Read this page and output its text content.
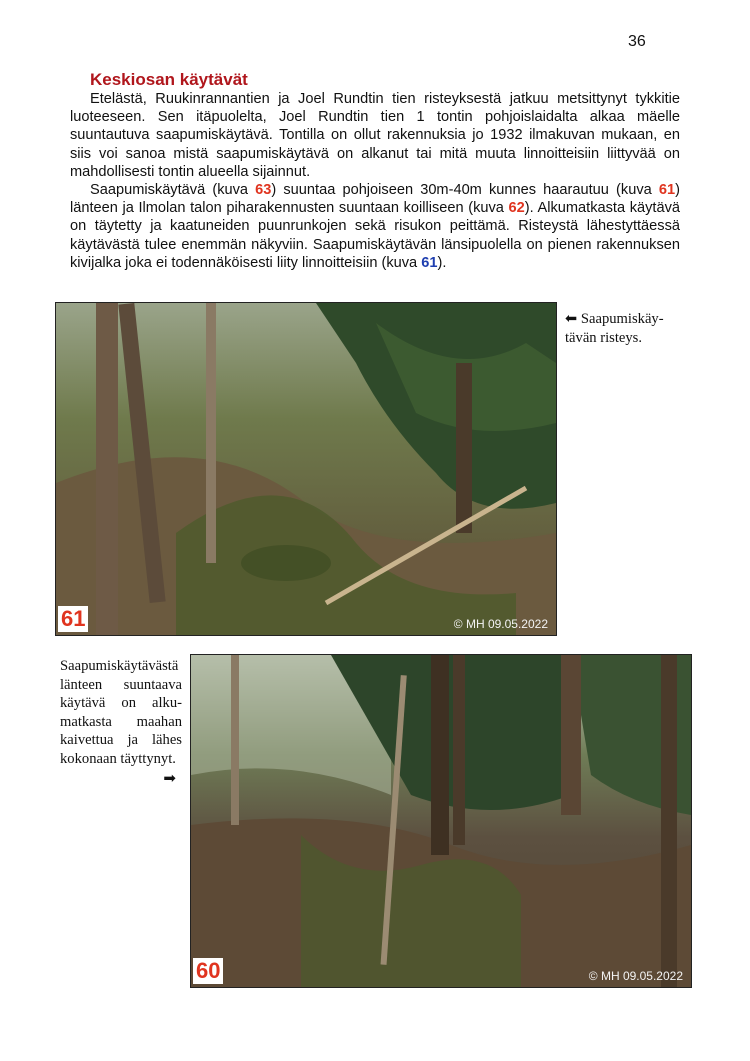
36
Keskiosan käytävät

Etelästä, Ruukinrannantien ja Joel Rundtin tien risteyksestä jatkuu metsittynyt tykkitie luoteeseen. Sen itäpuolelta, Joel Rundtin tien 1 tontin pohjoislaidalta alkaa mäelle suuntautuva saapumiskäytävä. Tontilla on ollut rakennuksia jo 1932 ilmakuvan mukaan, en siis voi sanoa mistä saapumiskäytävä on alkanut tai mitä muuta linnoitteisiin liittyvää on mahdollisesti tontin alueella sijainnut.

Saapumiskäytävä (kuva 63) suuntaa pohjoiseen 30m-40m kunnes haarautuu (kuva 61) länteen ja Ilmolan talon piharakennusten suuntaan koilliseen (kuva 62). Alkumatkasta käytävä on täytetty ja kaatuneiden puunrunkojen sekä risukon peittämä. Risteystä lähestyttäessä käytävästä tulee enemmän näkyviin. Saapumiskäytävän länsipuolella on pienen rakennuksen kivijalka joka ei todennäköisesti liity linnoitteisiin (kuva 61).

61	© MH 09.05.2022
⬅ Saapumiskäy-tävän risteys.
60	© MH 09.05.2022
Saapumiskäytävästä länteen suuntaava käytävä on alku-matkasta maahan kaivettua ja lähes kokonaan täyttynyt.
➡
